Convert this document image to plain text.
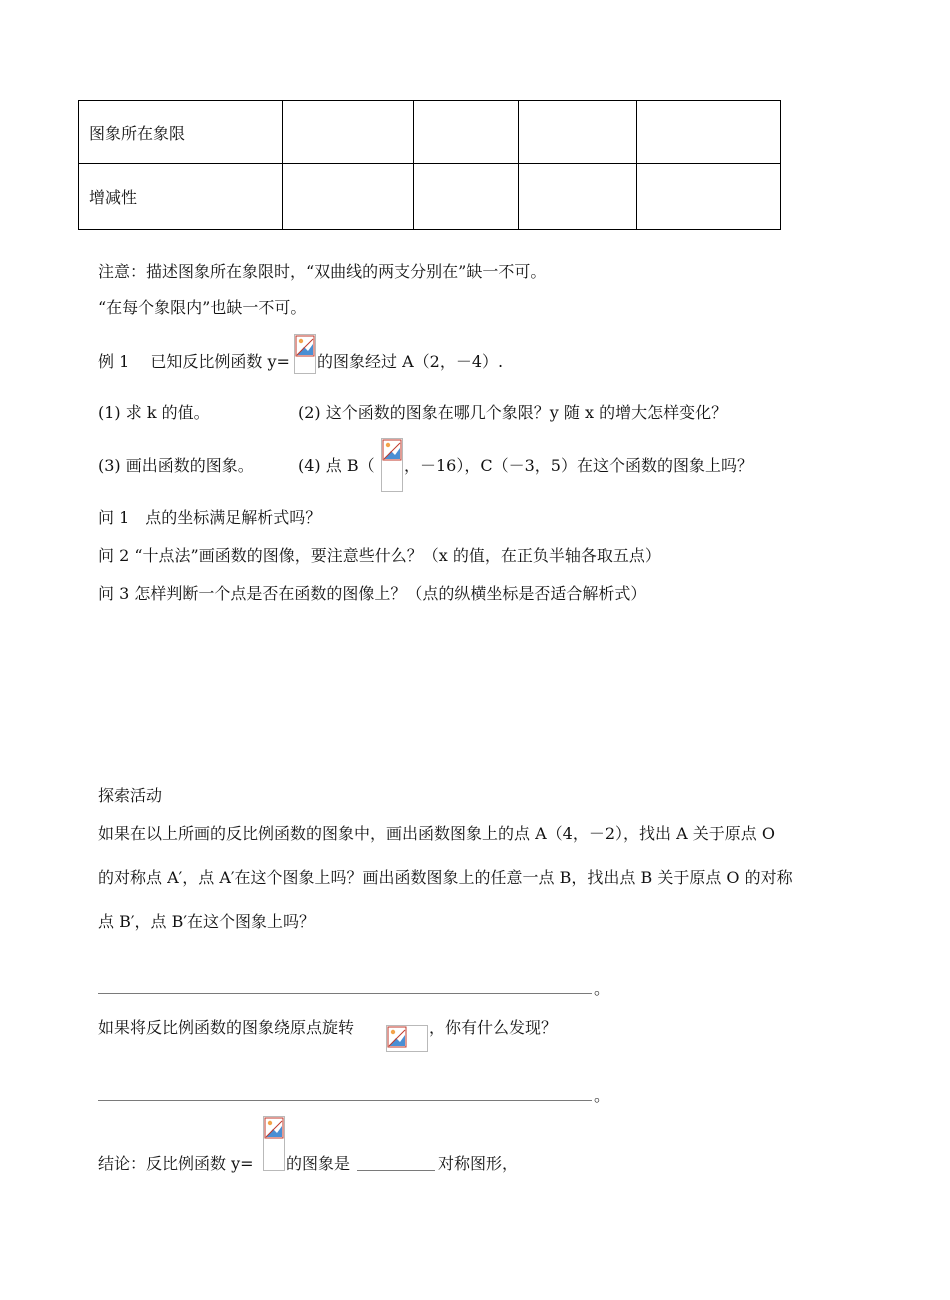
图象所在象限				
增减性				
注意：描述图象所在象限时，“双曲线的两支分别在”缺一不可。
“在每个象限内”也缺一不可。
例 1　 已知反比例函数 y= 的图象经过 A（2，－4）.
(1) 求 k 的值。	(2) 这个函数的图象在哪几个象限？y 随 x 的增大怎样变化？
(3) 画出函数的图象。	(4) 点 B（ ，－16），C（－3，5）在这个函数的图象上吗？
问 1　点的坐标满足解析式吗？
问 2 “十点法”画函数的图像，要注意些什么？（x 的值，在正负半轴各取五点）
问 3 怎样判断一个点是否在函数的图像上？（点的纵横坐标是否适合解析式）
探索活动
如果在以上所画的反比例函数的图象中，画出函数图象上的点 A（4，－2），找出 A 关于原点 O
的对称点 A′，点 A′在这个图象上吗？画出函数图象上的任意一点 B，找出点 B 关于原点 O 的对称
点 B′，点 B′在这个图象上吗？
。
如果将反比例函数的图象绕原点旋转	，你有什么发现？
。
结论：反比例函数 y= 的图象是	对称图形，
